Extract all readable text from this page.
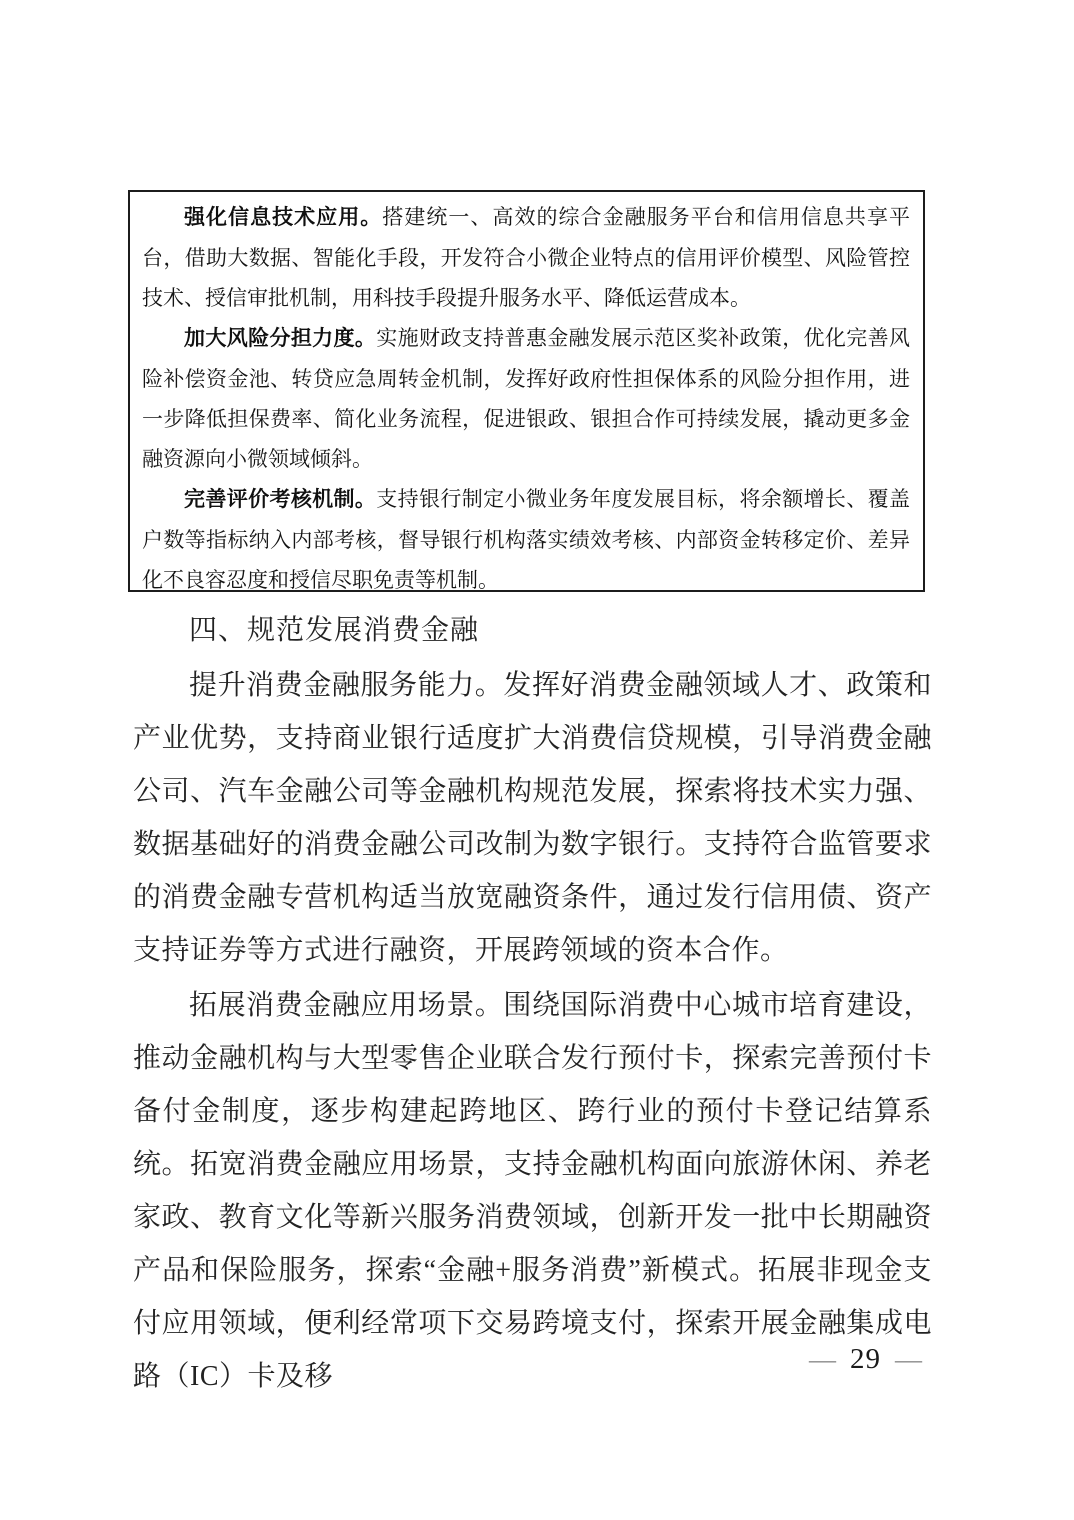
强化信息技术应用。搭建统一、高效的综合金融服务平台和信用信息共享平台，借助大数据、智能化手段，开发符合小微企业特点的信用评价模型、风险管控技术、授信审批机制，用科技手段提升服务水平、降低运营成本。

加大风险分担力度。实施财政支持普惠金融发展示范区奖补政策，优化完善风险补偿资金池、转贷应急周转金机制，发挥好政府性担保体系的风险分担作用，进一步降低担保费率、简化业务流程，促进银政、银担合作可持续发展，撬动更多金融资源向小微领域倾斜。

完善评价考核机制。支持银行制定小微业务年度发展目标，将余额增长、覆盖户数等指标纳入内部考核，督导银行机构落实绩效考核、内部资金转移定价、差异化不良容忍度和授信尽职免责等机制。

四、规范发展消费金融

提升消费金融服务能力。发挥好消费金融领域人才、政策和产业优势，支持商业银行适度扩大消费信贷规模，引导消费金融公司、汽车金融公司等金融机构规范发展，探索将技术实力强、数据基础好的消费金融公司改制为数字银行。支持符合监管要求的消费金融专营机构适当放宽融资条件，通过发行信用债、资产支持证券等方式进行融资，开展跨领域的资本合作。

拓展消费金融应用场景。围绕国际消费中心城市培育建设，推动金融机构与大型零售企业联合发行预付卡，探索完善预付卡备付金制度，逐步构建起跨地区、跨行业的预付卡登记结算系统。拓宽消费金融应用场景，支持金融机构面向旅游休闲、养老家政、教育文化等新兴服务消费领域，创新开发一批中长期融资产品和保险服务，探索“金融+服务消费”新模式。拓展非现金支付应用领域，便利经常项下交易跨境支付，探索开展金融集成电路（IC）卡及移

— 29 —
